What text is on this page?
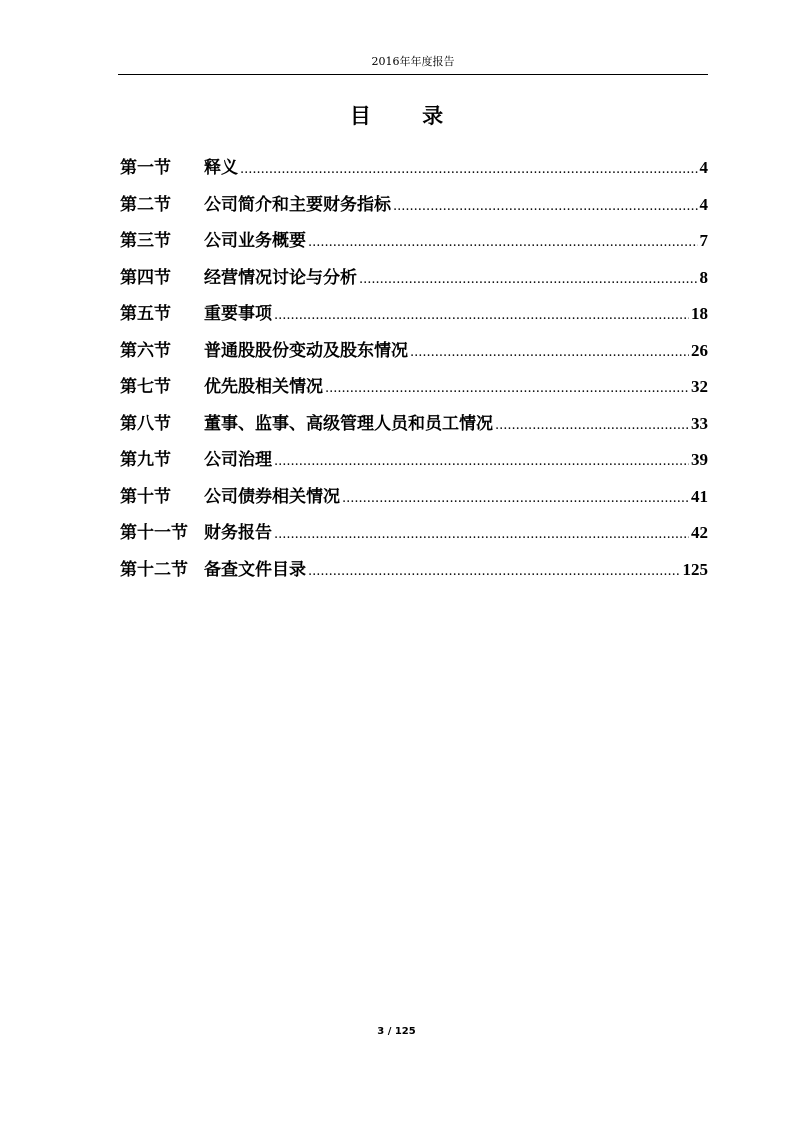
2016年年度报告
目 录
第一节	释义 .....	4
第二节	公司简介和主要财务指标 .....	4
第三节	公司业务概要 .....	7
第四节	经营情况讨论与分析 .....	8
第五节	重要事项 .....	18
第六节	普通股股份变动及股东情况 .....	26
第七节	优先股相关情况 .....	32
第八节	董事、监事、高级管理人员和员工情况 .....	33
第九节	公司治理 .....	39
第十节	公司债券相关情况 .....	41
第十一节 财务报告 .....	42
第十二节 备查文件目录 .....	125
3 / 125
